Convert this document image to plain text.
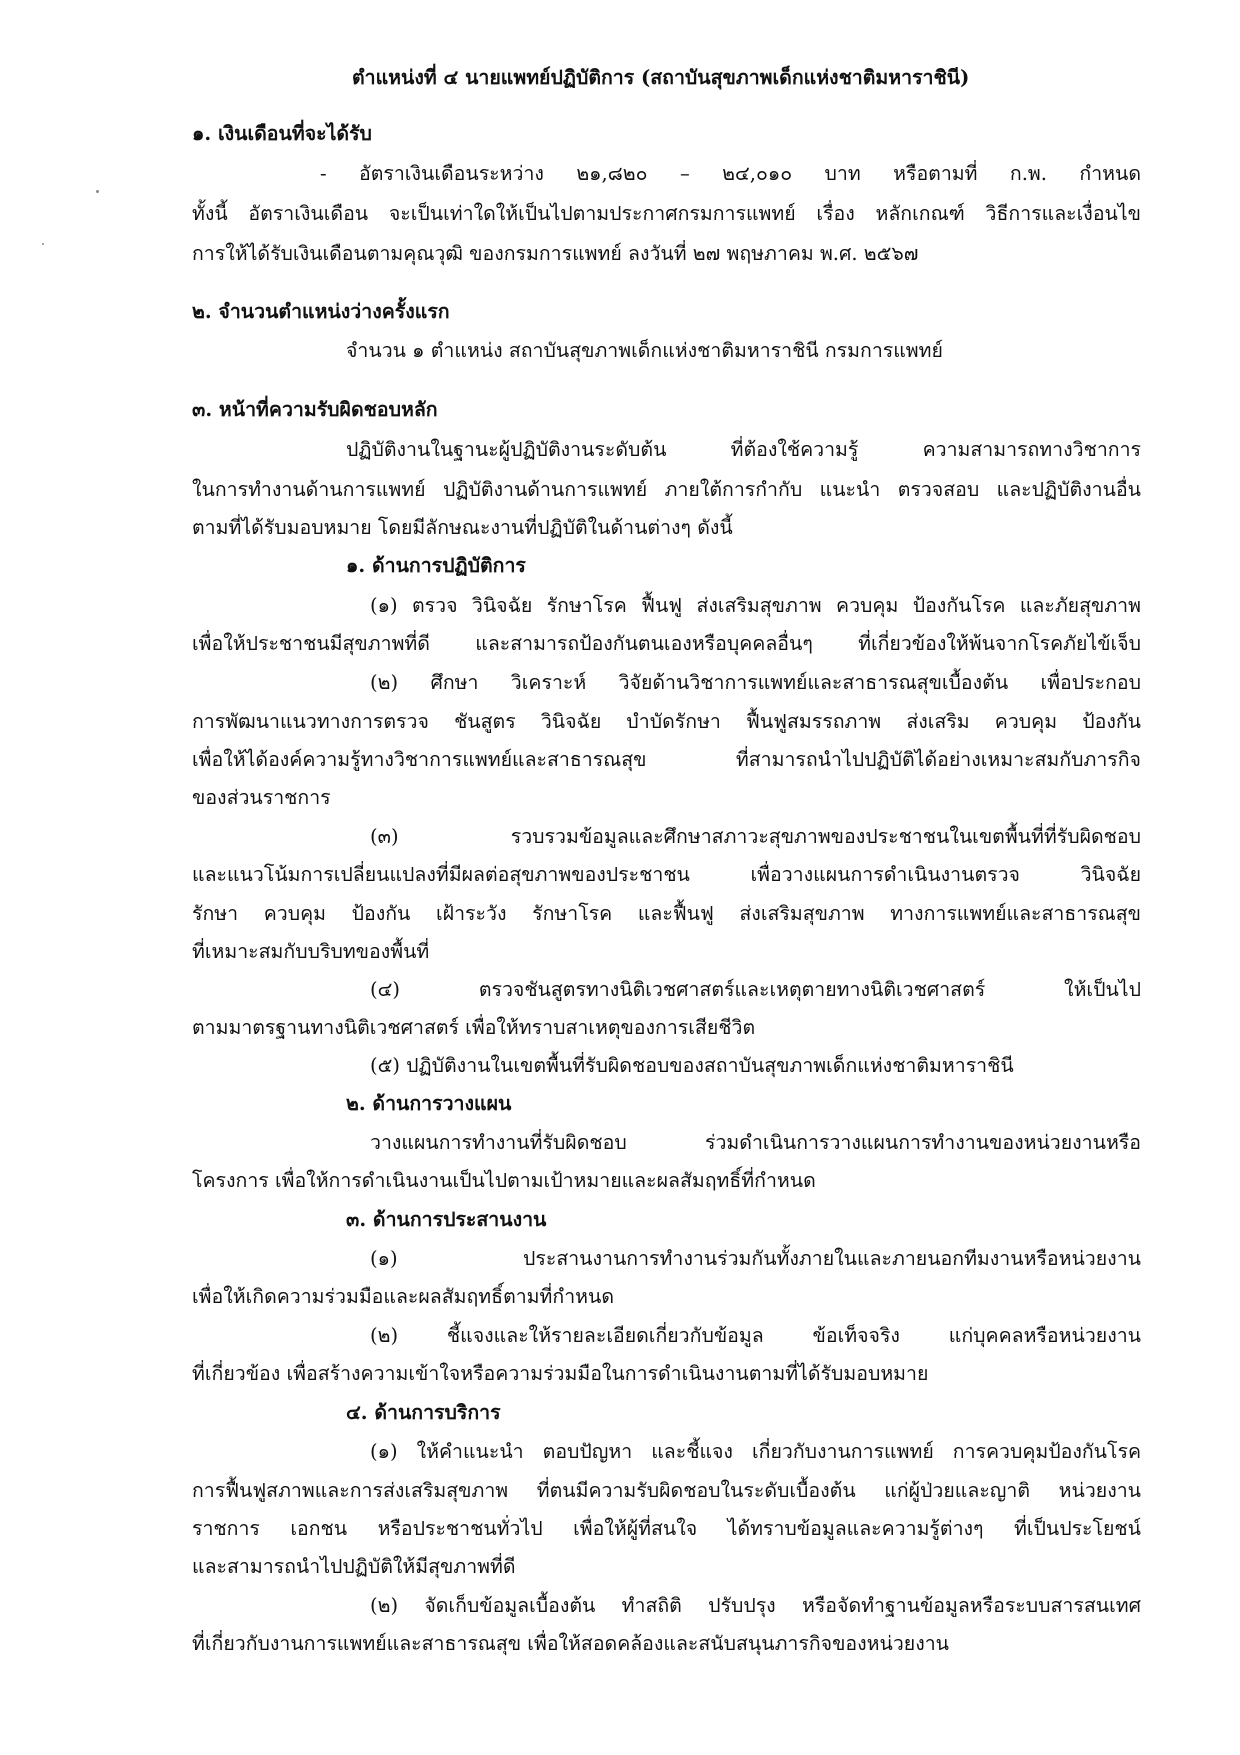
ตำแหน่งที่ ๔ นายแพทย์ปฏิบัติการ (สถาบันสุขภาพเด็กแห่งชาติมหาราชินี)
๑. เงินเดือนที่จะได้รับ
- อัตราเงินเดือนระหว่าง ๒๑,๘๒๐ – ๒๔,๐๑๐ บาท หรือตามที่ ก.พ. กำหนด
ทั้งนี้ อัตราเงินเดือน จะเป็นเท่าใดให้เป็นไปตามประกาศกรมการแพทย์ เรื่อง หลักเกณฑ์ วิธีการและเงื่อนไข
การให้ได้รับเงินเดือนตามคุณวุฒิ ของกรมการแพทย์ ลงวันที่ ๒๗ พฤษภาคม พ.ศ. ๒๕๖๗
๒. จำนวนตำแหน่งว่างครั้งแรก
จำนวน ๑ ตำแหน่ง สถาบันสุขภาพเด็กแห่งชาติมหาราชินี กรมการแพทย์
๓. หน้าที่ความรับผิดชอบหลัก
ปฏิบัติงานในฐานะผู้ปฏิบัติงานระดับต้น ที่ต้องใช้ความรู้ ความสามารถทางวิชาการ
ในการทำงานด้านการแพทย์ ปฏิบัติงานด้านการแพทย์ ภายใต้การกำกับ แนะนำ ตรวจสอบ และปฏิบัติงานอื่น
ตามที่ได้รับมอบหมาย โดยมีลักษณะงานที่ปฏิบัติในด้านต่างๆ ดังนี้
๑. ด้านการปฏิบัติการ
(๑) ตรวจ วินิจฉัย รักษาโรค ฟื้นฟู ส่งเสริมสุขภาพ ควบคุม ป้องกันโรค และภัยสุขภาพ
เพื่อให้ประชาชนมีสุขภาพที่ดี และสามารถป้องกันตนเองหรือบุคคลอื่นๆ ที่เกี่ยวข้องให้พ้นจากโรคภัยไข้เจ็บ
(๒) ศึกษา วิเคราะห์ วิจัยด้านวิชาการแพทย์และสาธารณสุขเบื้องต้น เพื่อประกอบ
การพัฒนาแนวทางการตรวจ ชันสูตร วินิจฉัย บำบัดรักษา ฟื้นฟูสมรรถภาพ ส่งเสริม ควบคุม ป้องกัน
เพื่อให้ได้องค์ความรู้ทางวิชาการแพทย์และสาธารณสุข ที่สามารถนำไปปฏิบัติได้อย่างเหมาะสมกับภารกิจ
ของส่วนราชการ
(๓) รวบรวมข้อมูลและศึกษาสภาวะสุขภาพของประชาชนในเขตพื้นที่ที่รับผิดชอบ
และแนวโน้มการเปลี่ยนแปลงที่มีผลต่อสุขภาพของประชาชน เพื่อวางแผนการดำเนินงานตรวจ วินิจฉัย
รักษา ควบคุม ป้องกัน เฝ้าระวัง รักษาโรค และฟื้นฟู ส่งเสริมสุขภาพ ทางการแพทย์และสาธารณสุข
ที่เหมาะสมกับบริบทของพื้นที่
(๔) ตรวจชันสูตรทางนิติเวชศาสตร์และเหตุตายทางนิติเวชศาสตร์ ให้เป็นไป
ตามมาตรฐานทางนิติเวชศาสตร์ เพื่อให้ทราบสาเหตุของการเสียชีวิต
(๕) ปฏิบัติงานในเขตพื้นที่รับผิดชอบของสถาบันสุขภาพเด็กแห่งชาติมหาราชินี
๒. ด้านการวางแผน
วางแผนการทำงานที่รับผิดชอบ ร่วมดำเนินการวางแผนการทำงานของหน่วยงานหรือ
โครงการ เพื่อให้การดำเนินงานเป็นไปตามเป้าหมายและผลสัมฤทธิ์ที่กำหนด
๓. ด้านการประสานงาน
(๑) ประสานงานการทำงานร่วมกันทั้งภายในและภายนอกทีมงานหรือหน่วยงาน
เพื่อให้เกิดความร่วมมือและผลสัมฤทธิ์ตามที่กำหนด
(๒) ชี้แจงและให้รายละเอียดเกี่ยวกับข้อมูล ข้อเท็จจริง แก่บุคคลหรือหน่วยงาน
ที่เกี่ยวข้อง เพื่อสร้างความเข้าใจหรือความร่วมมือในการดำเนินงานตามที่ได้รับมอบหมาย
๔. ด้านการบริการ
(๑) ให้คำแนะนำ ตอบปัญหา และชี้แจง เกี่ยวกับงานการแพทย์ การควบคุมป้องกันโรค
การฟื้นฟูสภาพและการส่งเสริมสุขภาพ ที่ตนมีความรับผิดชอบในระดับเบื้องต้น แก่ผู้ป่วยและญาติ หน่วยงาน
ราชการ เอกชน หรือประชาชนทั่วไป เพื่อให้ผู้ที่สนใจ ได้ทราบข้อมูลและความรู้ต่างๆ ที่เป็นประโยชน์
และสามารถนำไปปฏิบัติให้มีสุขภาพที่ดี
(๒) จัดเก็บข้อมูลเบื้องต้น ทำสถิติ ปรับปรุง หรือจัดทำฐานข้อมูลหรือระบบสารสนเทศ
ที่เกี่ยวกับงานการแพทย์และสาธารณสุข เพื่อให้สอดคล้องและสนับสนุนภารกิจของหน่วยงาน
